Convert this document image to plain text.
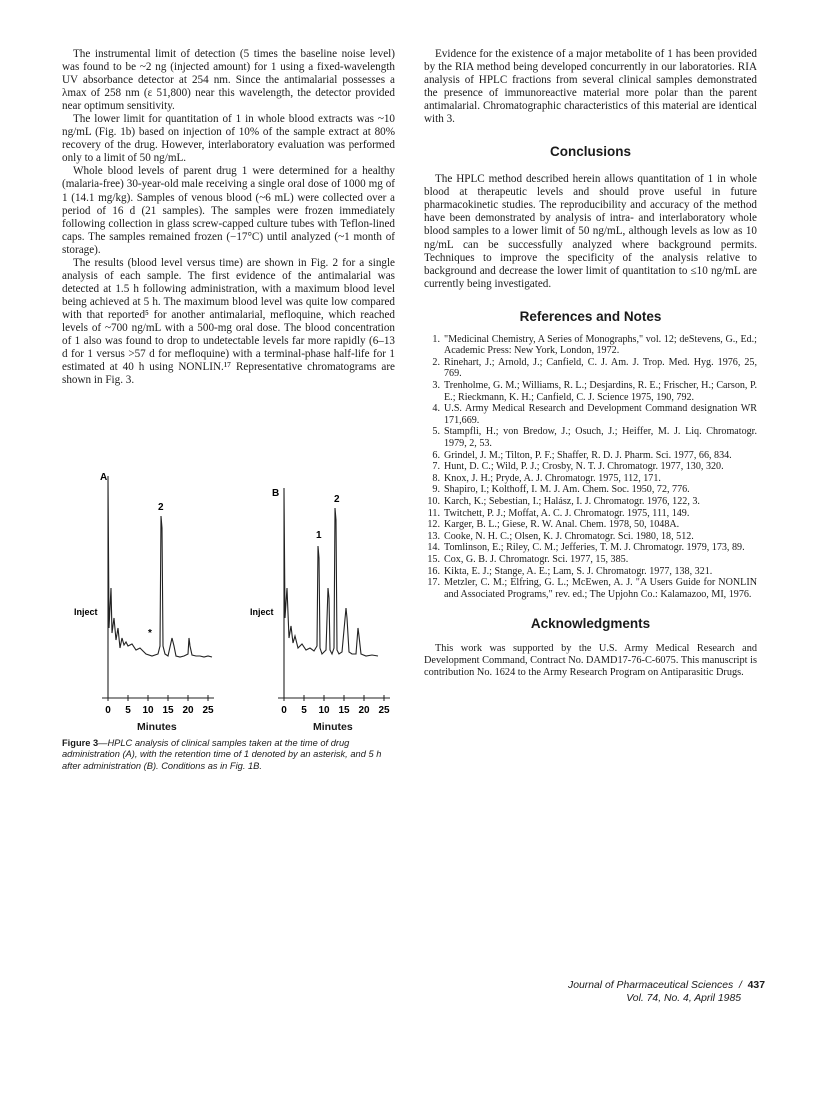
The instrumental limit of detection (5 times the baseline noise level) was found to be ~2 ng (injected amount) for 1 using a fixed-wavelength UV absorbance detector at 254 nm. Since the antimalarial possesses a λmax of 258 nm (ε 51,800) near this wavelength, the detector provided near optimum sensitivity.

The lower limit for quantitation of 1 in whole blood extracts was ~10 ng/mL (Fig. 1b) based on injection of 10% of the sample extract at 80% recovery of the drug. However, interlaboratory evaluation was performed only to a limit of 50 ng/mL.

Whole blood levels of parent drug 1 were determined for a healthy (malaria-free) 30-year-old male receiving a single oral dose of 1000 mg of 1 (14.1 mg/kg). Samples of venous blood (~6 mL) were collected over a period of 16 d (21 samples). The samples were frozen immediately following collection in glass screw-capped culture tubes with Teflon-lined caps. The samples remained frozen (−17°C) until analyzed (~1 month of storage).

The results (blood level versus time) are shown in Fig. 2 for a single analysis of each sample. The first evidence of the antimalarial was detected at 1.5 h following administration, with a maximum blood level being achieved at 5 h. The maximum blood level was quite low compared with that reported⁵ for another antimalarial, mefloquine, which reached levels of ~700 ng/mL with a 500-mg oral dose. The blood concentration of 1 also was found to drop to undetectable levels far more rapidly (6–13 d for 1 versus >57 d for mefloquine) with a terminal-phase half-life for 1 estimated at 40 h using NONLIN.¹⁷ Representative chromatograms are shown in Fig. 3.

A
2
Inject
*
0 5 10 15 20 25
B
2
1
Inject
0 5 10 15 20 25
Minutes	Minutes

Figure 3—HPLC analysis of clinical samples taken at the time of drug administration (A), with the retention time of 1 denoted by an asterisk, and 5 h after administration (B). Conditions as in Fig. 1B.

Evidence for the existence of a major metabolite of 1 has been provided by the RIA method being developed concurrently in our laboratories. RIA analysis of HPLC fractions from several clinical samples demonstrated the presence of immunoreactive material more polar than the parent antimalarial. Chromatographic characteristics of this material are identical with 3.

Conclusions

The HPLC method described herein allows quantitation of 1 in whole blood at therapeutic levels and should prove useful in future pharmacokinetic studies. The reproducibility and accuracy of the method have been demonstrated by analysis of intra- and interlaboratory whole blood samples to a lower limit of 50 ng/mL, although levels as low as 10 ng/mL can be successfully analyzed where background permits. Techniques to improve the specificity of the analysis relative to background and decrease the lower limit of quantitation to ≤10 ng/mL are currently being investigated.

References and Notes
1. "Medicinal Chemistry, A Series of Monographs," vol. 12; deStevens, G., Ed.; Academic Press: New York, London, 1972.
2. Rinehart, J.; Arnold, J.; Canfield, C. J. Am. J. Trop. Med. Hyg. 1976, 25, 769.
3. Trenholme, G. M.; Williams, R. L.; Desjardins, R. E.; Frischer, H.; Carson, P. E.; Rieckmann, K. H.; Canfield, C. J. Science 1975, 190, 792.
4. U.S. Army Medical Research and Development Command designation WR 171,669.
5. Stampfli, H.; von Bredow, J.; Osuch, J.; Heiffer, M. J. Liq. Chromatogr. 1979, 2, 53.
6. Grindel, J. M.; Tilton, P. F.; Shaffer, R. D. J. Pharm. Sci. 1977, 66, 834.
7. Hunt, D. C.; Wild, P. J.; Crosby, N. T. J. Chromatogr. 1977, 130, 320.
8. Knox, J. H.; Pryde, A. J. Chromatogr. 1975, 112, 171.
9. Shapiro, I.; Kolthoff, I. M. J. Am. Chem. Soc. 1950, 72, 776.
10. Karch, K.; Sebestian, I.; Halász, I. J. Chromatogr. 1976, 122, 3.
11. Twitchett, P. J.; Moffat, A. C. J. Chromatogr. 1975, 111, 149.
12. Karger, B. L.; Giese, R. W. Anal. Chem. 1978, 50, 1048A.
13. Cooke, N. H. C.; Olsen, K. J. Chromatogr. Sci. 1980, 18, 512.
14. Tomlinson, E.; Riley, C. M.; Jefferies, T. M. J. Chromatogr. 1979, 173, 89.
15. Cox, G. B. J. Chromatogr. Sci. 1977, 15, 385.
16. Kikta, E. J.; Stange, A. E.; Lam, S. J. Chromatogr. 1977, 138, 321.
17. Metzler, C. M.; Elfring, G. L.; McEwen, A. J. "A Users Guide for NONLIN and Associated Programs," rev. ed.; The Upjohn Co.: Kalamazoo, MI, 1976.
Acknowledgments

This work was supported by the U.S. Army Medical Research and Development Command, Contract No. DAMD17-76-C-6075. This manuscript is contribution No. 1624 to the Army Research Program on Antiparasitic Drugs.

Journal of Pharmaceutical Sciences / 437
Vol. 74, No. 4, April 1985
